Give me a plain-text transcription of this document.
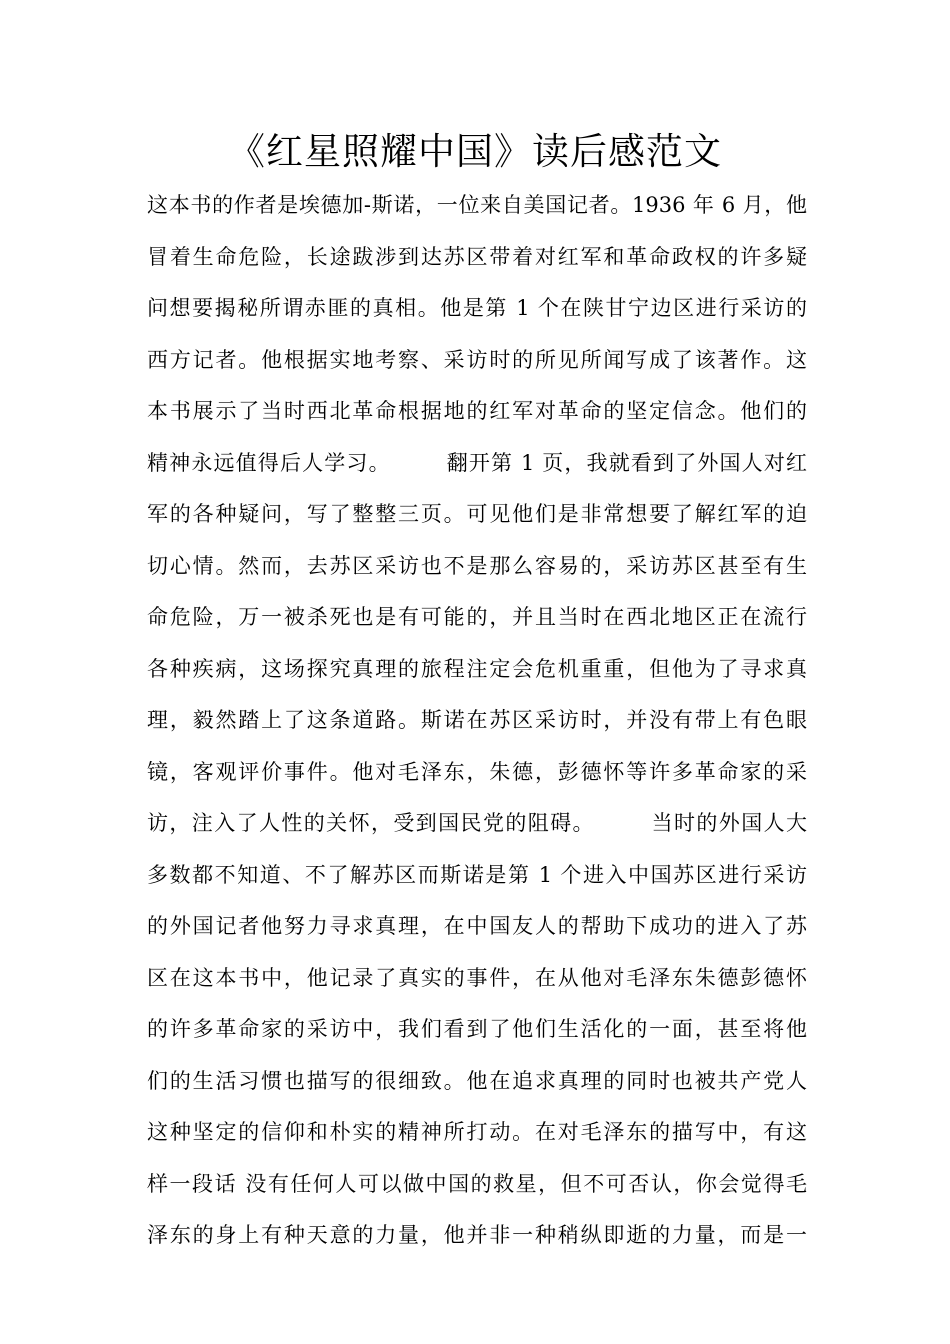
《红星照耀中国》读后感范文
这本书的作者是埃德加-斯诺，一位来自美国记者。1936 年 6 月，他
冒着生命危险，长途跋涉到达苏区带着对红军和革命政权的许多疑
问想要揭秘所谓赤匪的真相。他是第 1 个在陕甘宁边区进行采访的
西方记者。他根据实地考察、采访时的所见所闻写成了该著作。这
本书展示了当时西北革命根据地的红军对革命的坚定信念。他们的
精神永远值得后人学习。　　　翻开第 1 页，我就看到了外国人对红
军的各种疑问，写了整整三页。可见他们是非常想要了解红军的迫
切心情。然而，去苏区采访也不是那么容易的，采访苏区甚至有生
命危险，万一被杀死也是有可能的，并且当时在西北地区正在流行
各种疾病，这场探究真理的旅程注定会危机重重，但他为了寻求真
理，毅然踏上了这条道路。斯诺在苏区采访时，并没有带上有色眼
镜，客观评价事件。他对毛泽东，朱德，彭德怀等许多革命家的采
访，注入了人性的关怀，受到国民党的阻碍。　　　当时的外国人大
多数都不知道、不了解苏区而斯诺是第 1 个进入中国苏区进行采访
的外国记者他努力寻求真理，在中国友人的帮助下成功的进入了苏
区在这本书中，他记录了真实的事件，在从他对毛泽东朱德彭德怀
的许多革命家的采访中，我们看到了他们生活化的一面，甚至将他
们的生活习惯也描写的很细致。他在追求真理的同时也被共产党人
这种坚定的信仰和朴实的精神所打动。在对毛泽东的描写中，有这
样一段话 没有任何人可以做中国的救星，但不可否认，你会觉得毛
泽东的身上有种天意的力量，他并非一种稍纵即逝的力量，而是一
